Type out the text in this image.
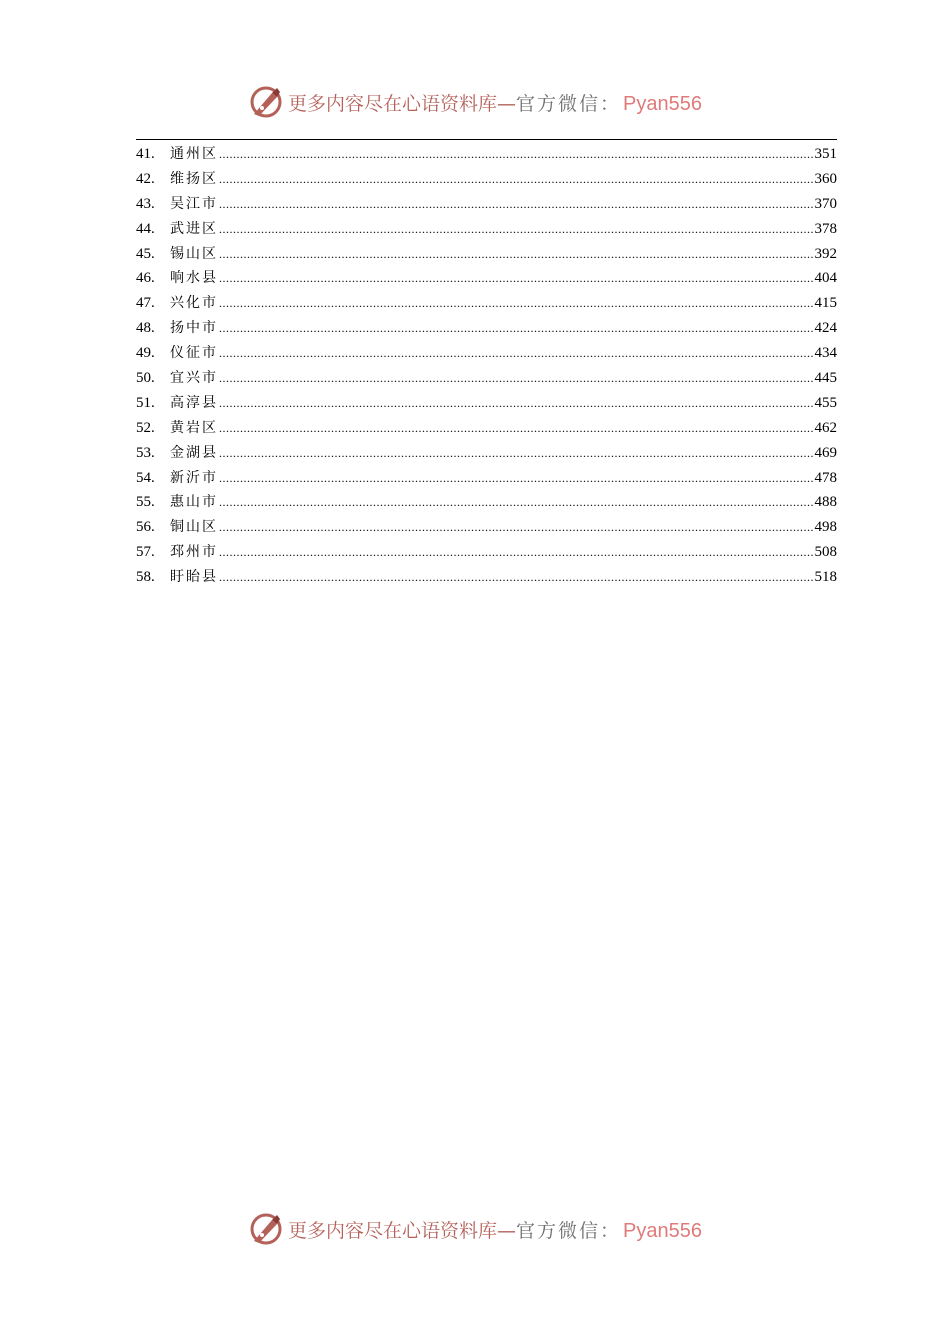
更多内容尽在心语资料库 — 官方微信： Pyan556
41.	通州区 .....	351
42.	维扬区 .....	360
43.	吴江市 .....	370
44.	武进区 .....	378
45.	锡山区 .....	392
46.	响水县 .....	404
47.	兴化市 .....	415
48.	扬中市 .....	424
49.	仪征市 .....	434
50.	宜兴市 .....	445
51.	高淳县 .....	455
52.	黄岩区 .....	462
53.	金湖县 .....	469
54.	新沂市 .....	478
55.	惠山市 .....	488
56.	铜山区 .....	498
57.	邳州市 .....	508
58.	盱眙县 .....	518
更多内容尽在心语资料库 — 官方微信： Pyan556
